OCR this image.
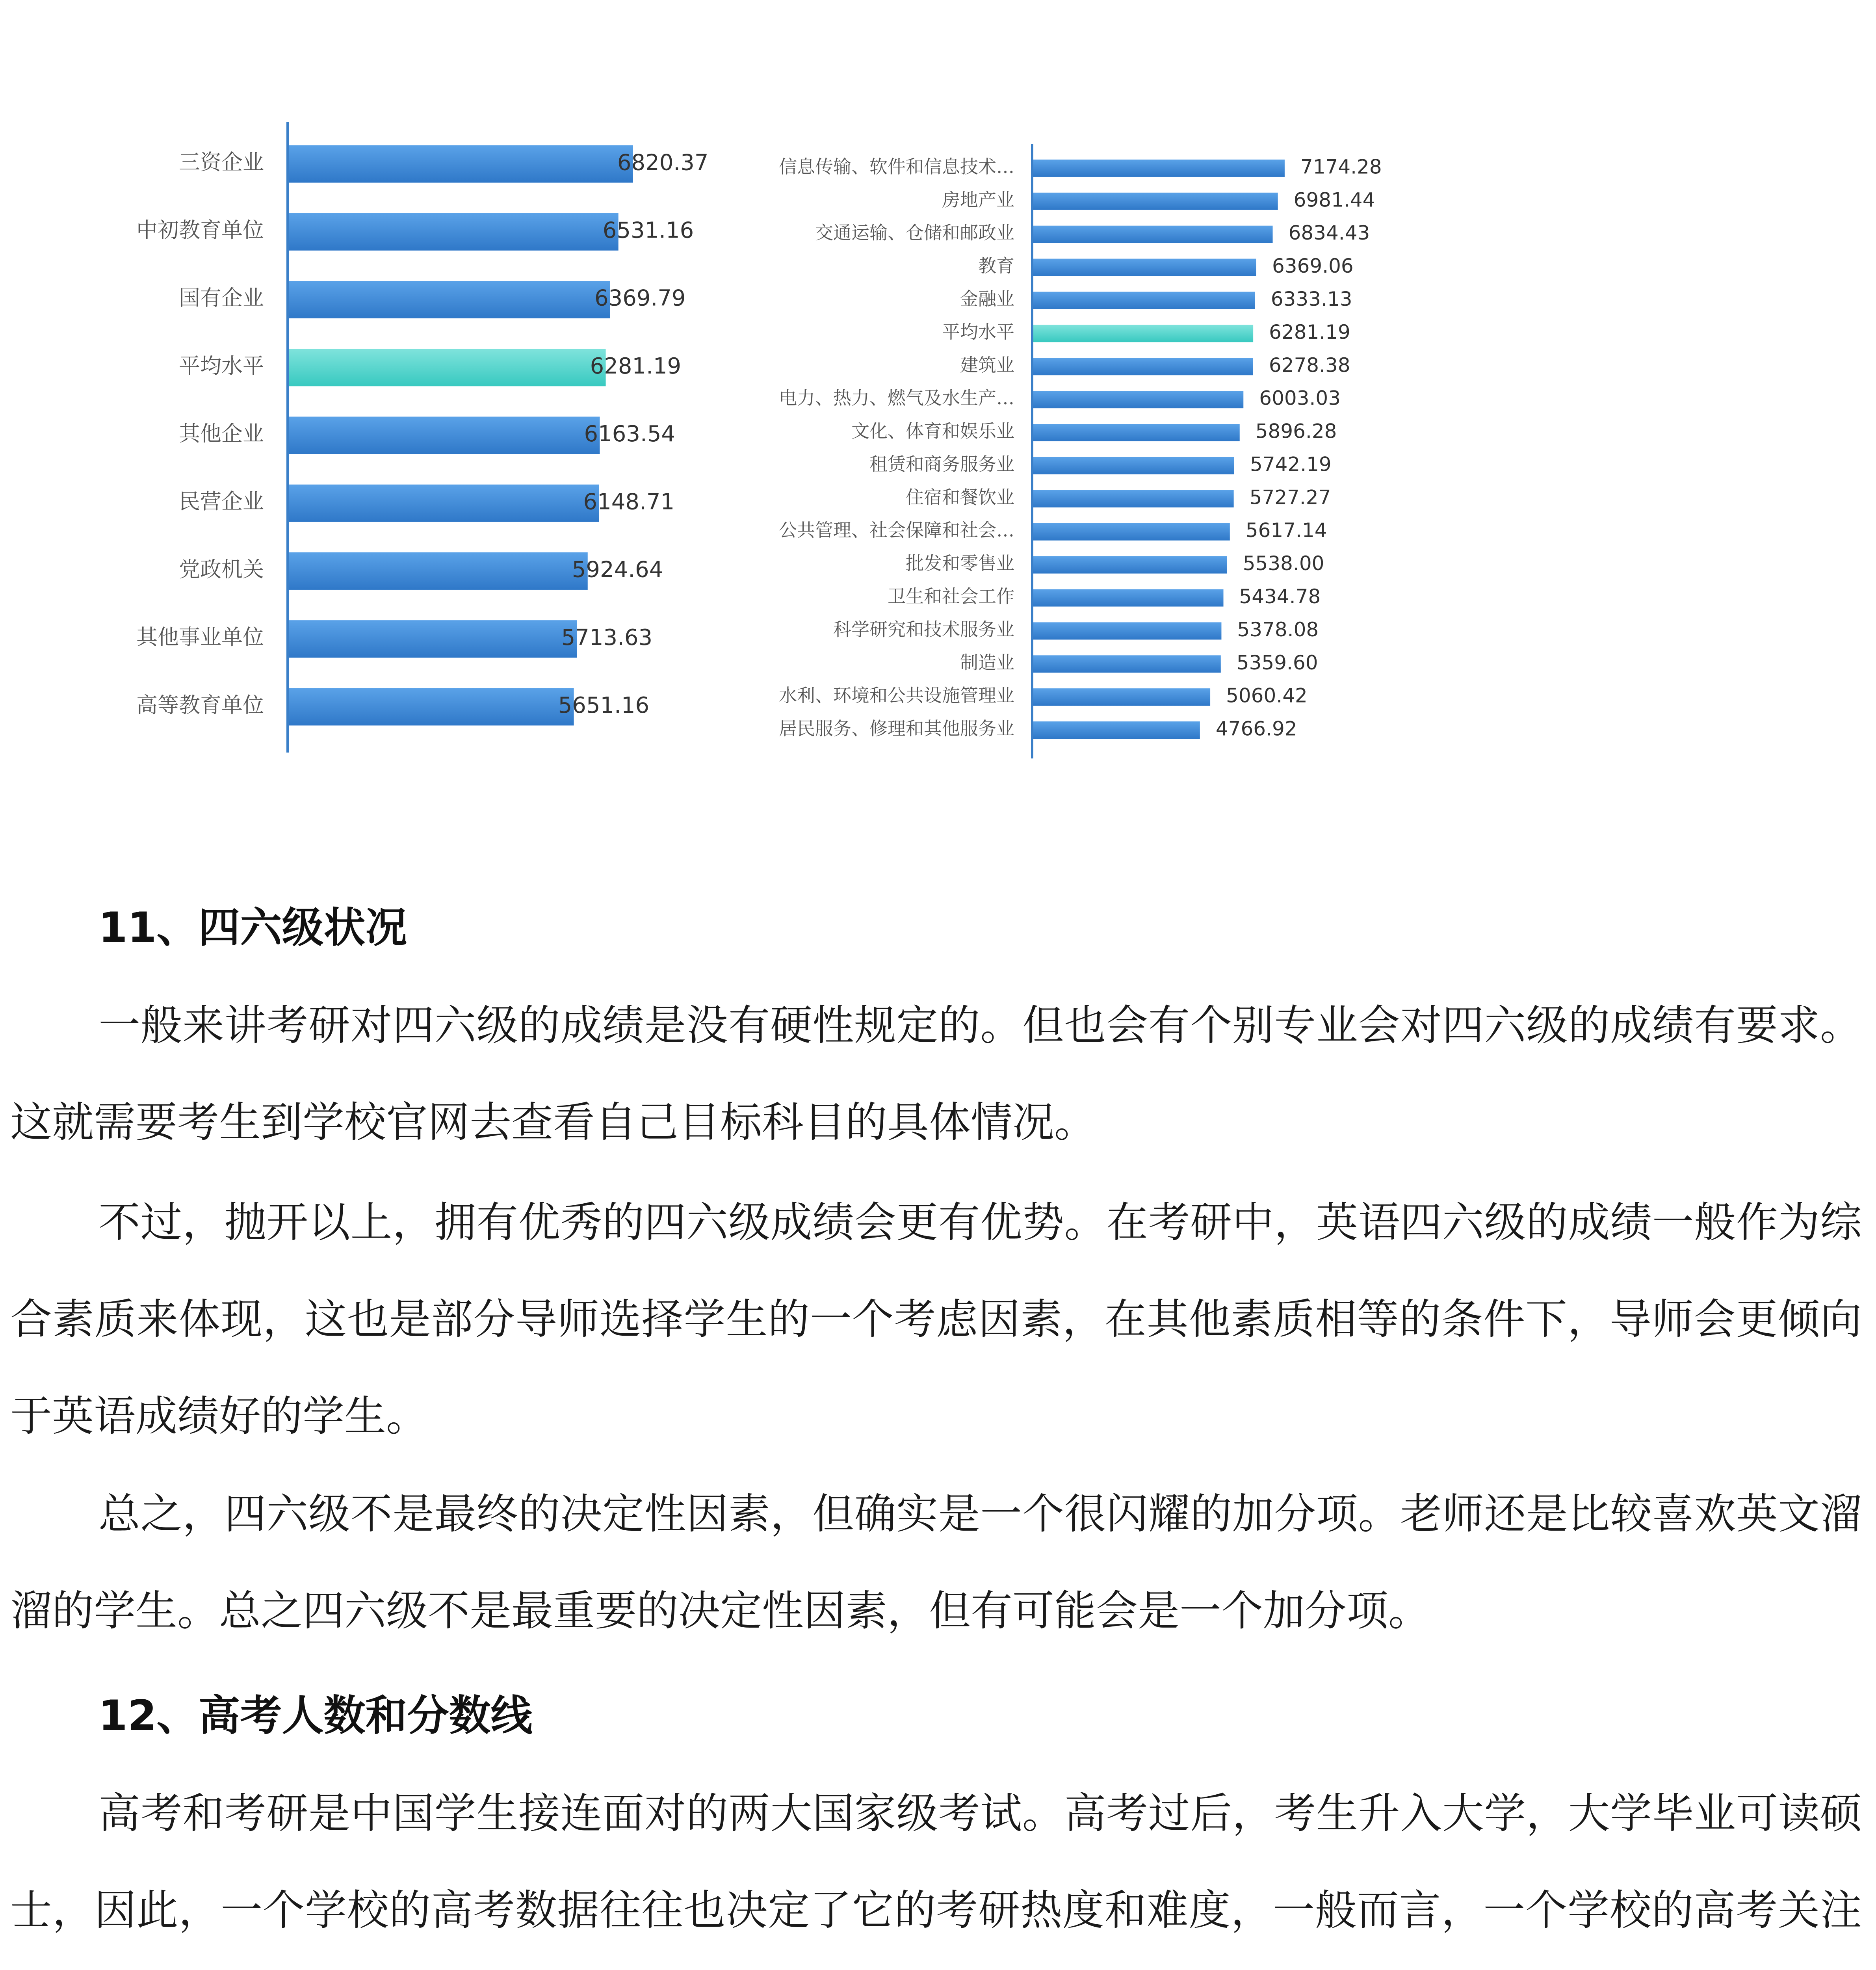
三资企业	6820.37
中初教育单位	6531.16
国有企业	6369.79
平均水平	6281.19
其他企业	6163.54
民营企业	6148.71
党政机关	5924.64
其他事业单位	5713.63
高等教育单位	5651.16
信息传输、软件和信息技术…	7174.28
房地产业	6981.44
交通运输、仓储和邮政业	6834.43
教育	6369.06
金融业	6333.13
平均水平	6281.19
建筑业	6278.38
电力、热力、燃气及水生产…	6003.03
文化、体育和娱乐业	5896.28
租赁和商务服务业	5742.19
住宿和餐饮业	5727.27
公共管理、社会保障和社会…	5617.14
批发和零售业	5538.00
卫生和社会工作	5434.78
科学研究和技术服务业	5378.08
制造业	5359.60
水利、环境和公共设施管理业	5060.42
居民服务、修理和其他服务业	4766.92
11、四六级状况

一般来讲考研对四六级的成绩是没有硬性规定的。但也会有个别专业会对四六级的成绩有要求。这就需要考生到学校官网去查看自己目标科目的具体情况。

不过，抛开以上，拥有优秀的四六级成绩会更有优势。在考研中，英语四六级的成绩一般作为综合素质来体现，这也是部分导师选择学生的一个考虑因素，在其他素质相等的条件下，导师会更倾向于英语成绩好的学生。

总之，四六级不是最终的决定性因素，但确实是一个很闪耀的加分项。老师还是比较喜欢英文溜溜的学生。总之四六级不是最重要的决定性因素，但有可能会是一个加分项。

12、高考人数和分数线

高考和考研是中国学生接连面对的两大国家级考试。高考过后，考生升入大学，大学毕业可读硕士，因此，一个学校的高考数据往往也决定了它的考研热度和难度，一般而言，一个学校的高考关注
